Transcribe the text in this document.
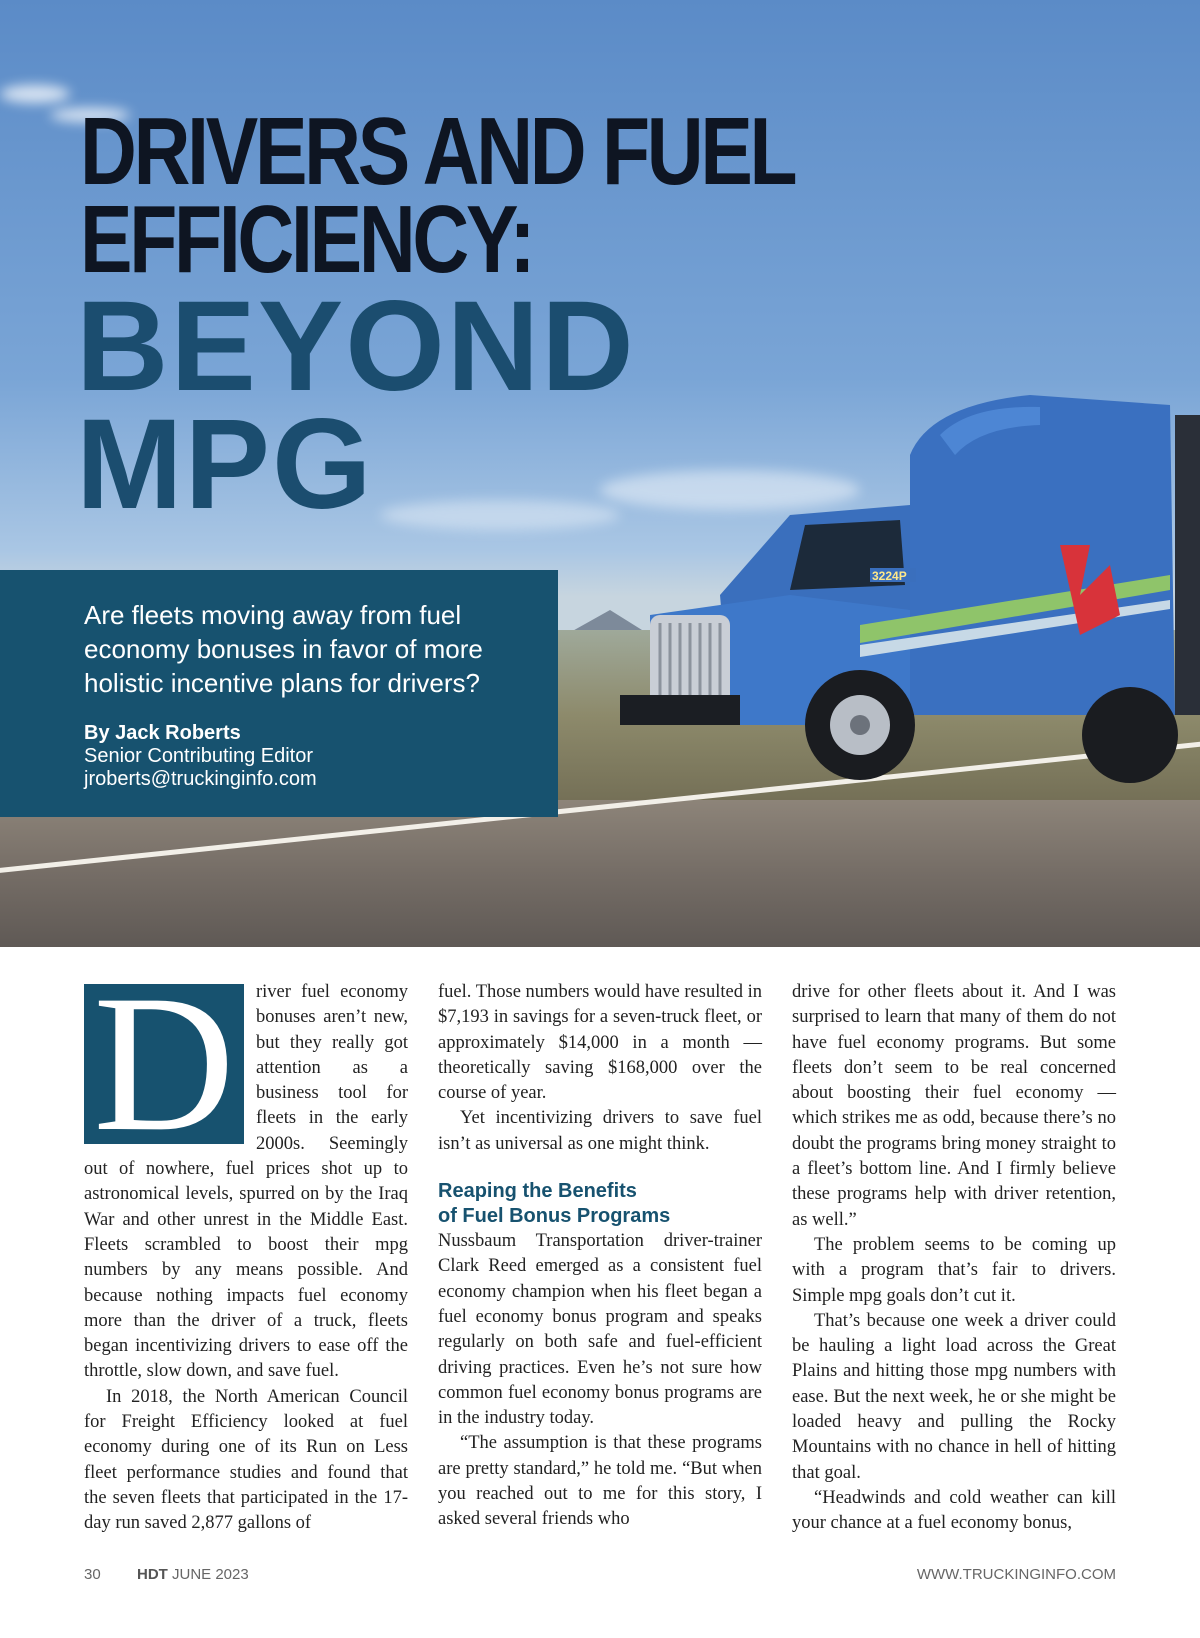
3224P
DRIVERS AND FUEL
EFFICIENCY:
BEYOND
MPG

Are fleets moving away from fuel economy bonuses in favor of more holistic incentive plans for drivers?

By Jack Roberts
Senior Contributing Editor
jroberts@truckinginfo.com
D	river fuel economy bonuses aren’t new, but they really got attention as a business tool for fleets in the early 2000s. Seemingly out of nowhere, fuel prices shot up to astronomical levels, spurred on by the Iraq War and other unrest in the Middle East. Fleets scrambled to boost their mpg numbers by any means possible. And because nothing impacts fuel economy more than the driver of a truck, fleets began incentivizing drivers to ease off the throttle, slow down, and save fuel.

In 2018, the North American Council for Freight Efficiency looked at fuel economy during one of its Run on Less fleet performance studies and found that the seven fleets that participated in the 17-day run saved 2,877 gallons of

fuel. Those numbers would have resulted in $7,193 in savings for a seven-truck fleet, or approximately $14,000 in a month — theoretically saving $168,000 over the course of year.

Yet incentivizing drivers to save fuel isn’t as universal as one might think.

Reaping the Benefits
of Fuel Bonus Programs

Nussbaum Transportation driver-trainer Clark Reed emerged as a consistent fuel economy champion when his fleet began a fuel economy bonus program and speaks regularly on both safe and fuel-efficient driving practices. Even he’s not sure how common fuel economy bonus programs are in the industry today.

“The assumption is that these programs are pretty standard,” he told me. “But when you reached out to me for this story, I asked several friends who

drive for other fleets about it. And I was surprised to learn that many of them do not have fuel economy programs. But some fleets don’t seem to be real concerned about boosting their fuel economy — which strikes me as odd, because there’s no doubt the programs bring money straight to a fleet’s bottom line. And I firmly believe these programs help with driver retention, as well.”

The problem seems to be coming up with a program that’s fair to drivers. Simple mpg goals don’t cut it.

That’s because one week a driver could be hauling a light load across the Great Plains and hitting those mpg numbers with ease. But the next week, he or she might be loaded heavy and pulling the Rocky Mountains with no chance in hell of hitting that goal.

“Headwinds and cold weather can kill your chance at a fuel economy bonus,

30 HDT JUNE 2023	WWW.TRUCKINGINFO.COM
